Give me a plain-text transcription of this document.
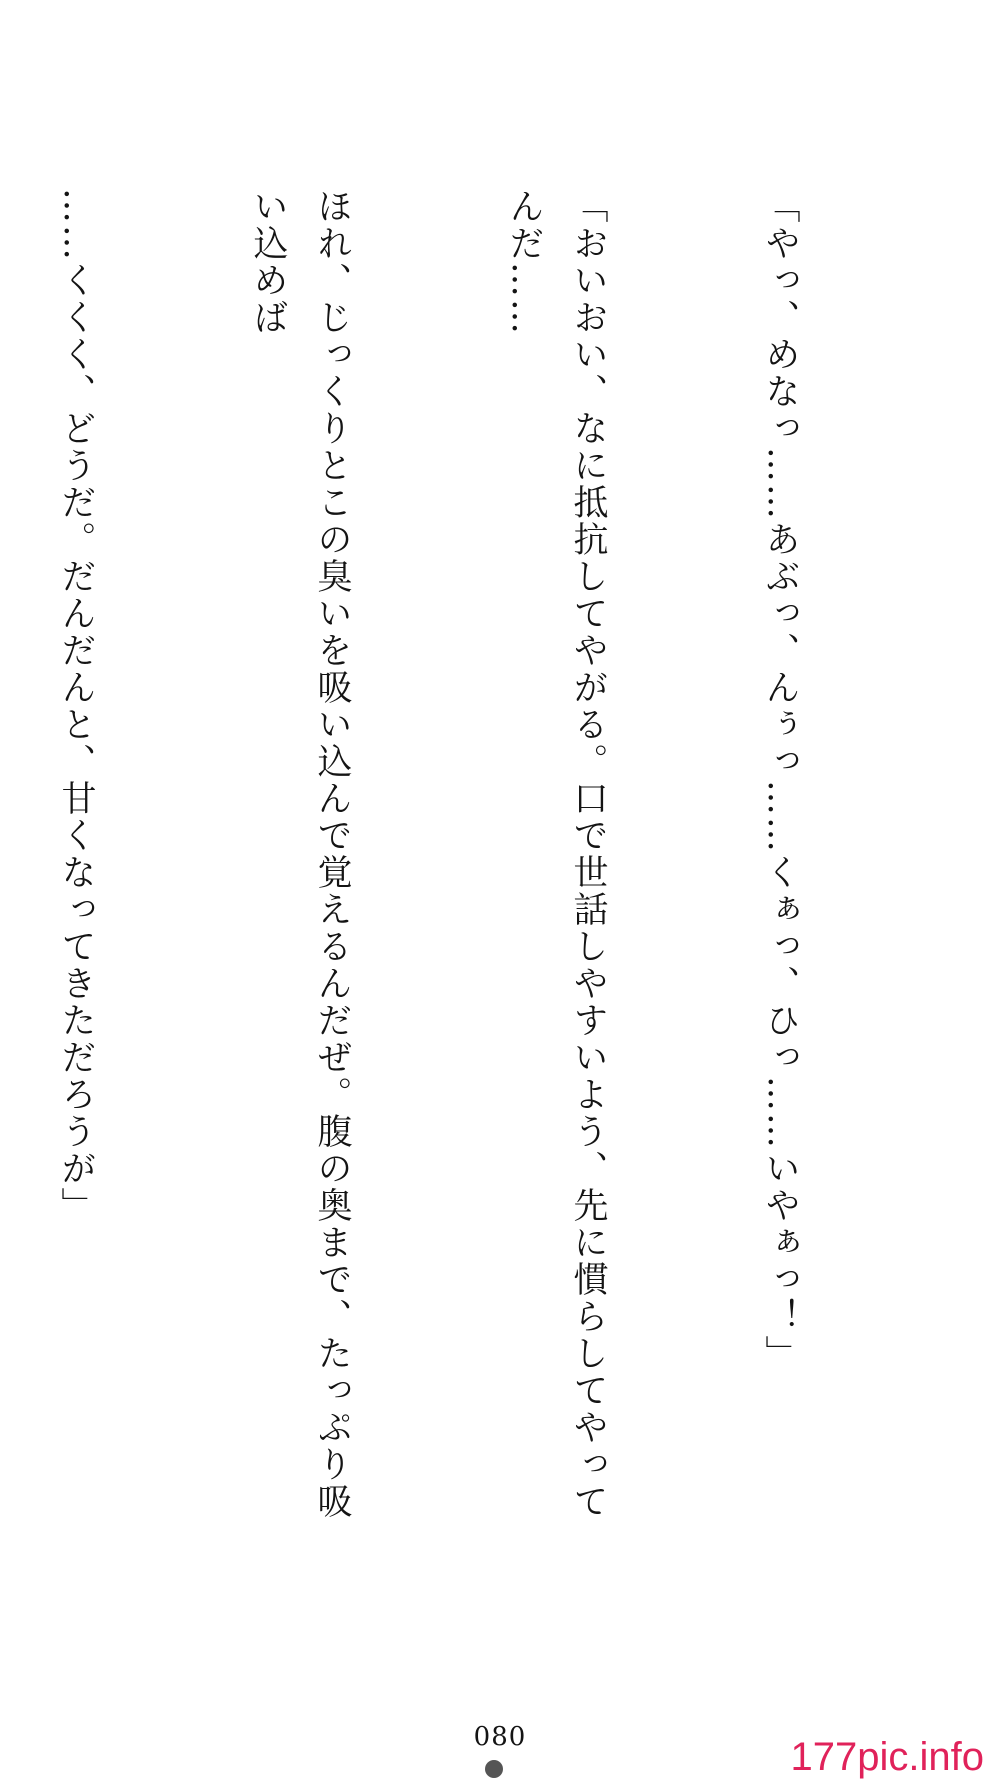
「やっ、めなっ……あぶっ、んぅっ……くぁっ、ひっ……いやぁっ！」

「おいおい、なに抵抗してやがる。口で世話しやすいよう、先に慣らしてやってんだ……

ほれ、じっくりとこの臭いを吸い込んで覚えるんだぜ。腹の奥まで、たっぷり吸い込めば

……くくく、どうだ。だんだんと、甘くなってきただろうが」

080	177pic.info
